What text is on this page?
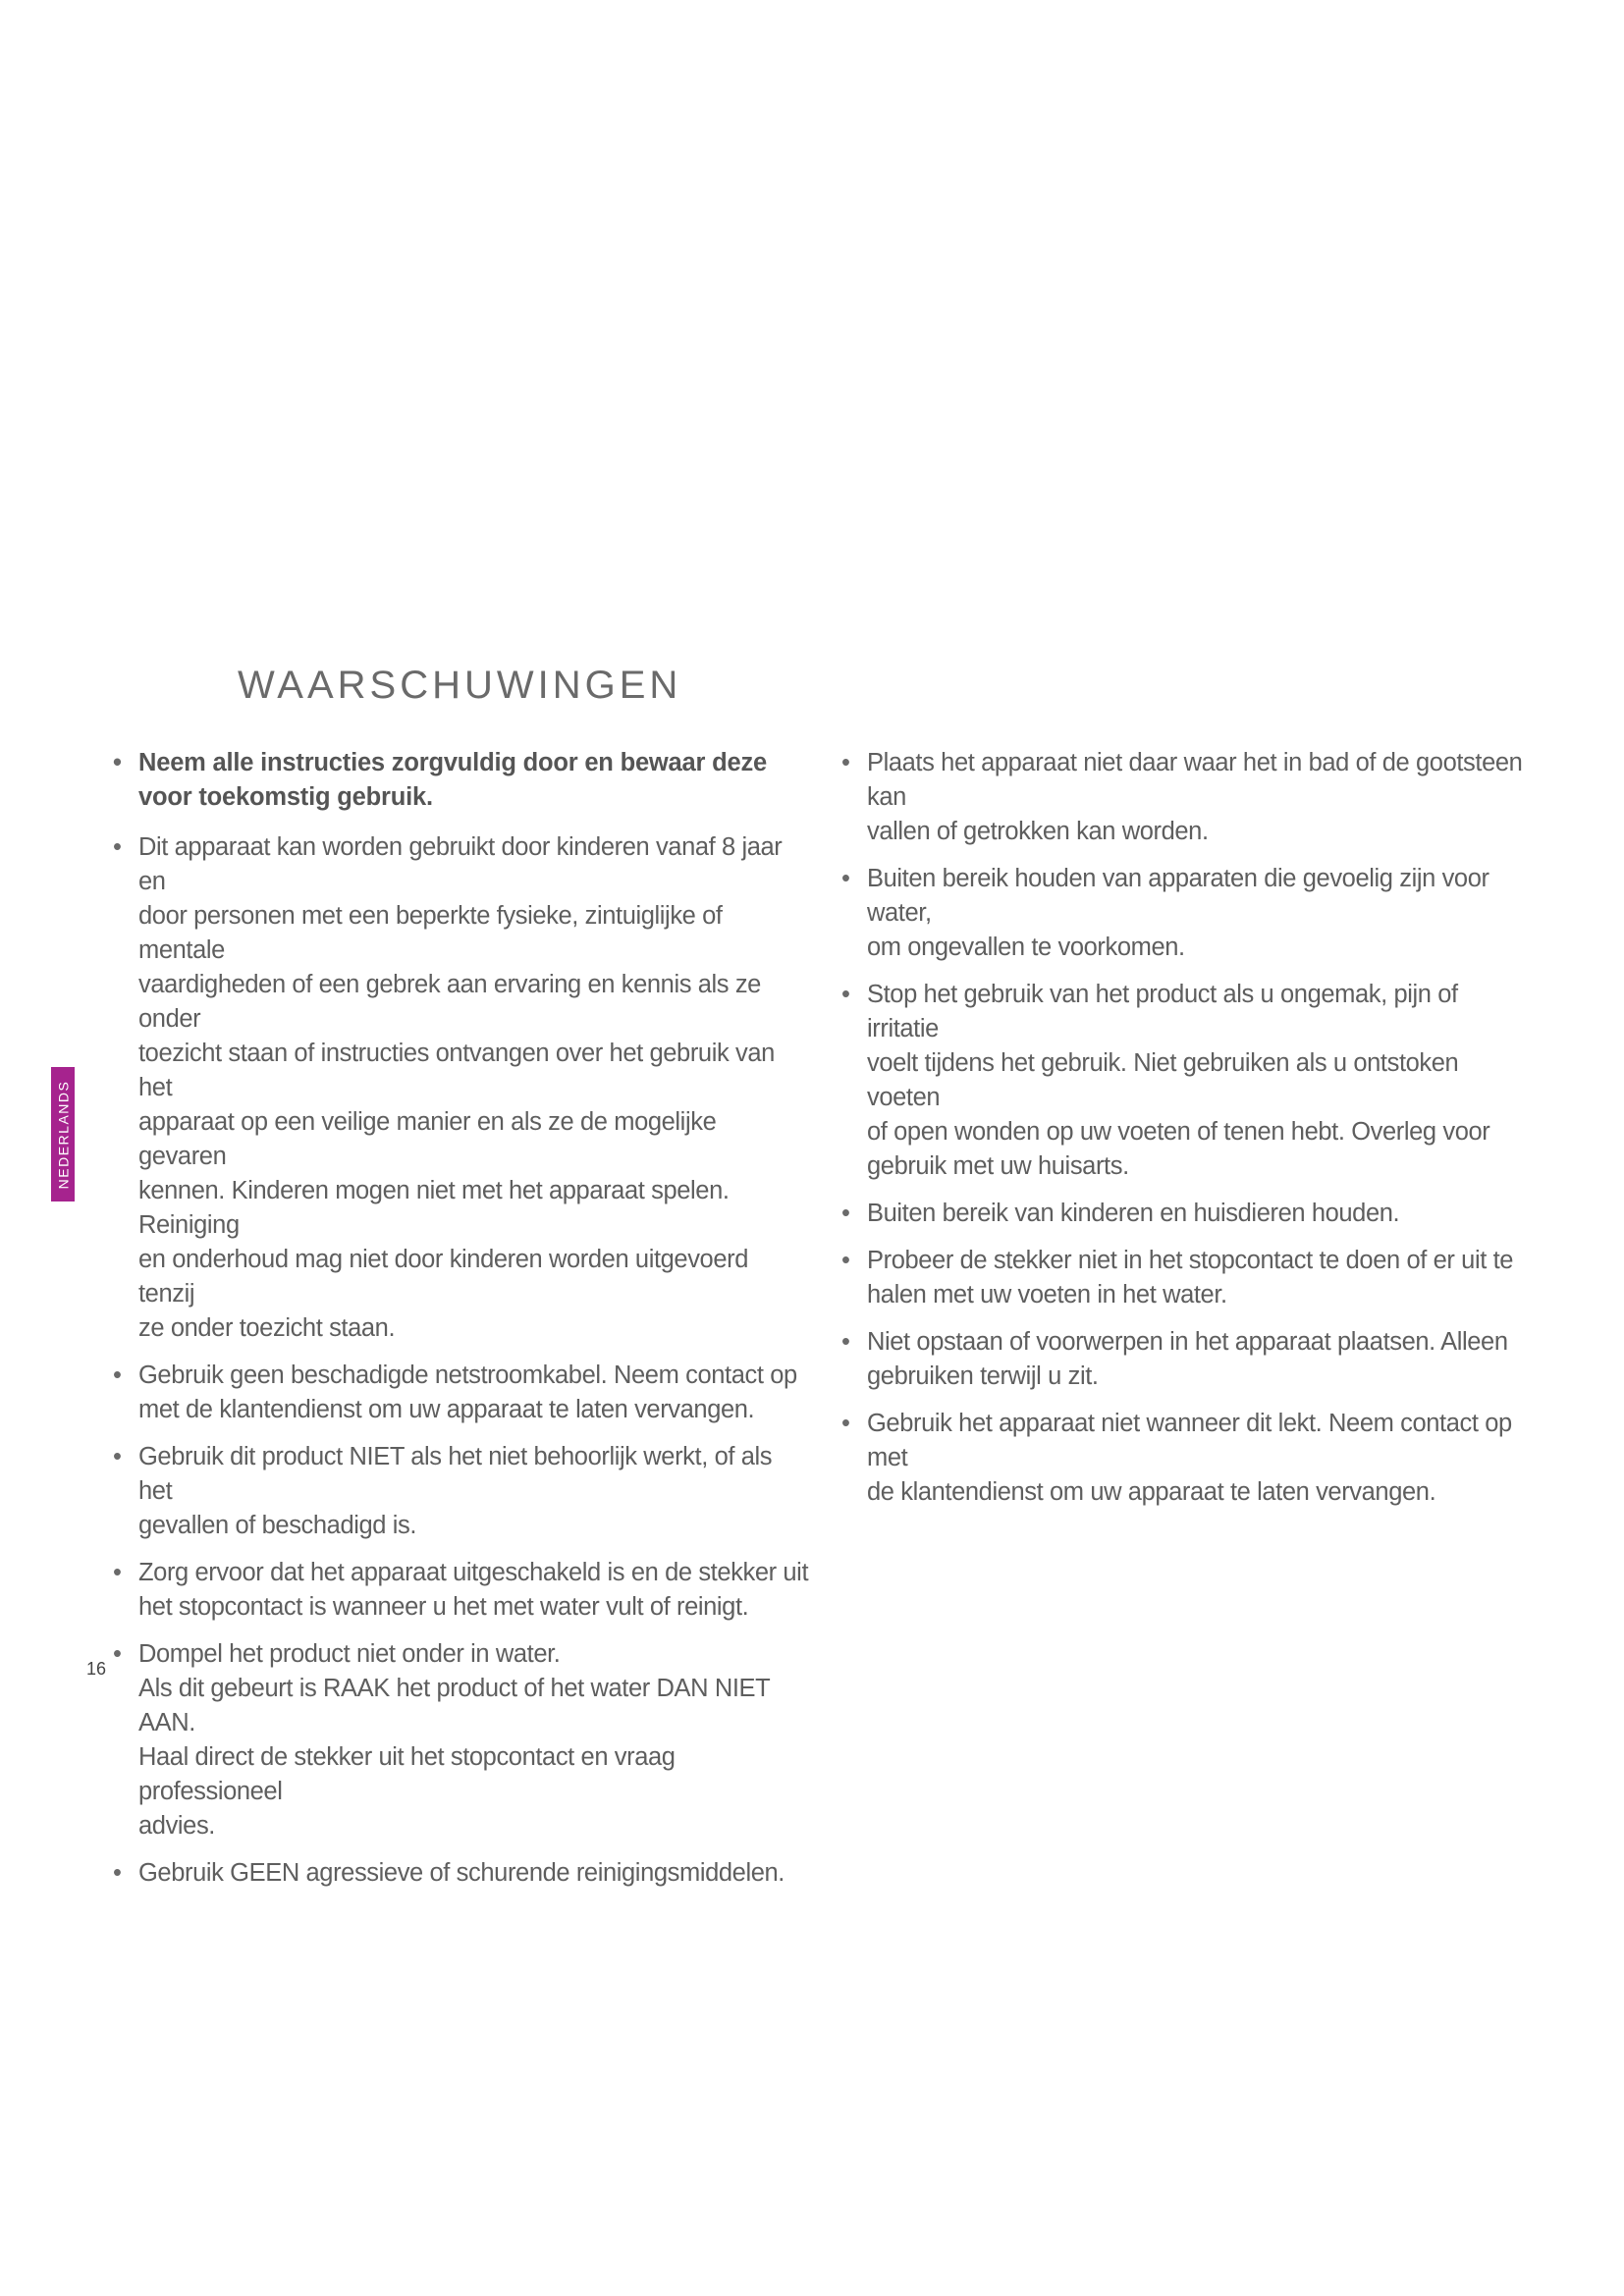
WAARSCHUWINGEN
• Neem alle instructies zorgvuldig door en bewaar deze
voor toekomstig gebruik.
• Dit apparaat kan worden gebruikt door kinderen vanaf 8 jaar en
door personen met een beperkte fysieke, zintuiglijke of mentale
vaardigheden of een gebrek aan ervaring en kennis als ze onder
toezicht staan of instructies ontvangen over het gebruik van het
apparaat op een veilige manier en als ze de mogelijke gevaren
kennen. Kinderen mogen niet met het apparaat spelen. Reiniging
en onderhoud mag niet door kinderen worden uitgevoerd tenzij
ze onder toezicht staan.
• Gebruik geen beschadigde netstroomkabel. Neem contact op
met de klantendienst om uw apparaat te laten vervangen.
• Gebruik dit product NIET als het niet behoorlijk werkt, of als het
gevallen of beschadigd is.
• Zorg ervoor dat het apparaat uitgeschakeld is en de stekker uit
het stopcontact is wanneer u het met water vult of reinigt.
• Dompel het product niet onder in water.
Als dit gebeurt is RAAK het product of het water DAN NIET AAN.
Haal direct de stekker uit het stopcontact en vraag professioneel
advies.
• Gebruik GEEN agressieve of schurende reinigingsmiddelen.
• Plaats het apparaat niet daar waar het in bad of de gootsteen kan
vallen of getrokken kan worden.
• Buiten bereik houden van apparaten die gevoelig zijn voor water,
om ongevallen te voorkomen.
• Stop het gebruik van het product als u ongemak, pijn of irritatie
voelt tijdens het gebruik. Niet gebruiken als u ontstoken voeten
of open wonden op uw voeten of tenen hebt. Overleg voor
gebruik met uw huisarts.
• Buiten bereik van kinderen en huisdieren houden.
• Probeer de stekker niet in het stopcontact te doen of er uit te
halen met uw voeten in het water.
• Niet opstaan of voorwerpen in het apparaat plaatsen. Alleen
gebruiken terwijl u zit.
• Gebruik het apparaat niet wanneer dit lekt. Neem contact op met
de klantendienst om uw apparaat te laten vervangen.
NEDERLANDS
16
